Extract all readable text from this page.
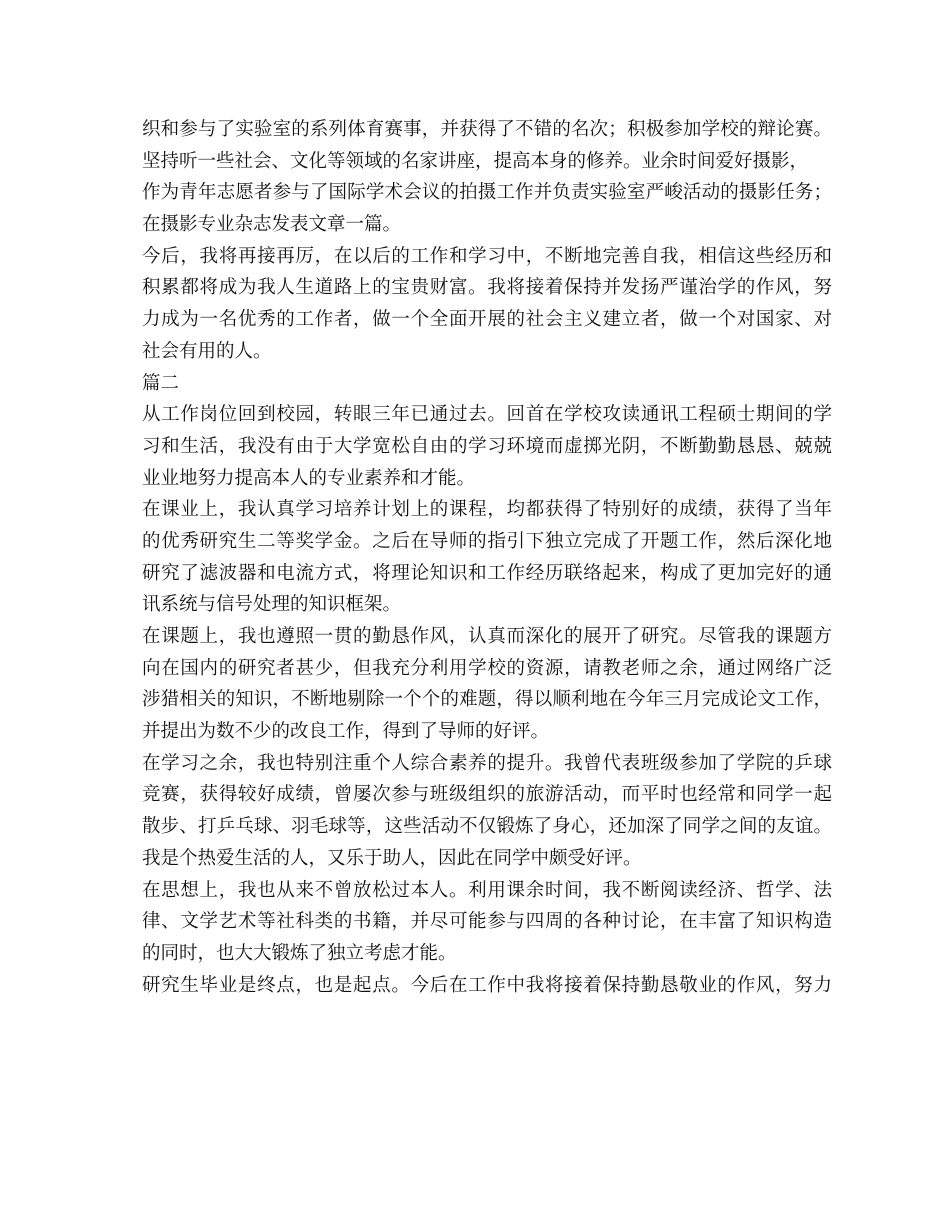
织和参与了实验室的系列体育赛事，并获得了不错的名次；积极参加学校的辩论赛。
坚持听一些社会、文化等领域的名家讲座，提高本身的修养。业余时间爱好摄影，
作为青年志愿者参与了国际学术会议的拍摄工作并负责实验室严峻活动的摄影任务；
在摄影专业杂志发表文章一篇。
今后，我将再接再厉，在以后的工作和学习中，不断地完善自我，相信这些经历和
积累都将成为我人生道路上的宝贵财富。我将接着保持并发扬严谨治学的作风，努
力成为一名优秀的工作者，做一个全面开展的社会主义建立者，做一个对国家、对
社会有用的人。
篇二
从工作岗位回到校园，转眼三年已通过去。回首在学校攻读通讯工程硕士期间的学
习和生活，我没有由于大学宽松自由的学习环境而虚掷光阴，不断勤勤恳恳、兢兢
业业地努力提高本人的专业素养和才能。
在课业上，我认真学习培养计划上的课程，均都获得了特别好的成绩，获得了当年
的优秀研究生二等奖学金。之后在导师的指引下独立完成了开题工作，然后深化地
研究了滤波器和电流方式，将理论知识和工作经历联络起来，构成了更加完好的通
讯系统与信号处理的知识框架。
在课题上，我也遵照一贯的勤恳作风，认真而深化的展开了研究。尽管我的课题方
向在国内的研究者甚少，但我充分利用学校的资源，请教老师之余，通过网络广泛
涉猎相关的知识，不断地剔除一个个的难题，得以顺利地在今年三月完成论文工作，
并提出为数不少的改良工作，得到了导师的好评。
在学习之余，我也特别注重个人综合素养的提升。我曾代表班级参加了学院的乒球
竞赛，获得较好成绩，曾屡次参与班级组织的旅游活动，而平时也经常和同学一起
散步、打乒乓球、羽毛球等，这些活动不仅锻炼了身心，还加深了同学之间的友谊。
我是个热爱生活的人，又乐于助人，因此在同学中颇受好评。
在思想上，我也从来不曾放松过本人。利用课余时间，我不断阅读经济、哲学、法
律、文学艺术等社科类的书籍，并尽可能参与四周的各种讨论，在丰富了知识构造
的同时，也大大锻炼了独立考虑才能。
研究生毕业是终点，也是起点。今后在工作中我将接着保持勤恳敬业的作风，努力
